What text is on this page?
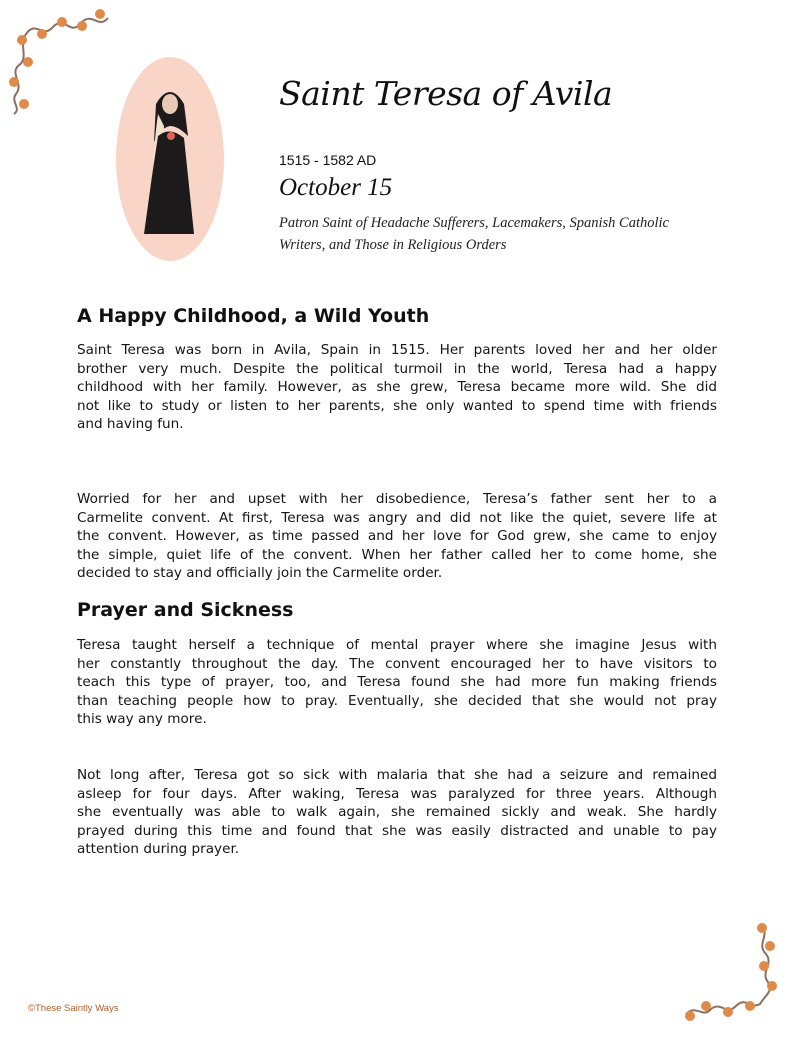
Saint Teresa of Avila
1515 - 1582 AD
October 15
Patron Saint of Headache Sufferers, Lacemakers, Spanish Catholic Writers, and Those in Religious Orders
A Happy Childhood, a Wild Youth
Saint Teresa was born in Avila, Spain in 1515. Her parents loved her and her older
brother very much. Despite the political turmoil in the world, Teresa had a happy
childhood with her family. However, as she grew, Teresa became more wild. She did
not like to study or listen to her parents, she only wanted to spend time with friends
and having fun.
Worried for her and upset with her disobedience, Teresa’s father sent her to a
Carmelite convent. At first, Teresa was angry and did not like the quiet, severe life at
the convent. However, as time passed and her love for God grew, she came to enjoy
the simple, quiet life of the convent. When her father called her to come home, she
decided to stay and officially join the Carmelite order.
Prayer and Sickness
Teresa taught herself a technique of mental prayer where she imagine Jesus with
her constantly throughout the day. The convent encouraged her to have visitors to
teach this type of prayer, too, and Teresa found she had more fun making friends
than teaching people how to pray. Eventually, she decided that she would not pray
this way any more.
Not long after, Teresa got so sick with malaria that she had a seizure and remained
asleep for four days. After waking, Teresa was paralyzed for three years. Although
she eventually was able to walk again, she remained sickly and weak. She hardly
prayed during this time and found that she was easily distracted and unable to pay
attention during prayer.
©These Saintly Ways
